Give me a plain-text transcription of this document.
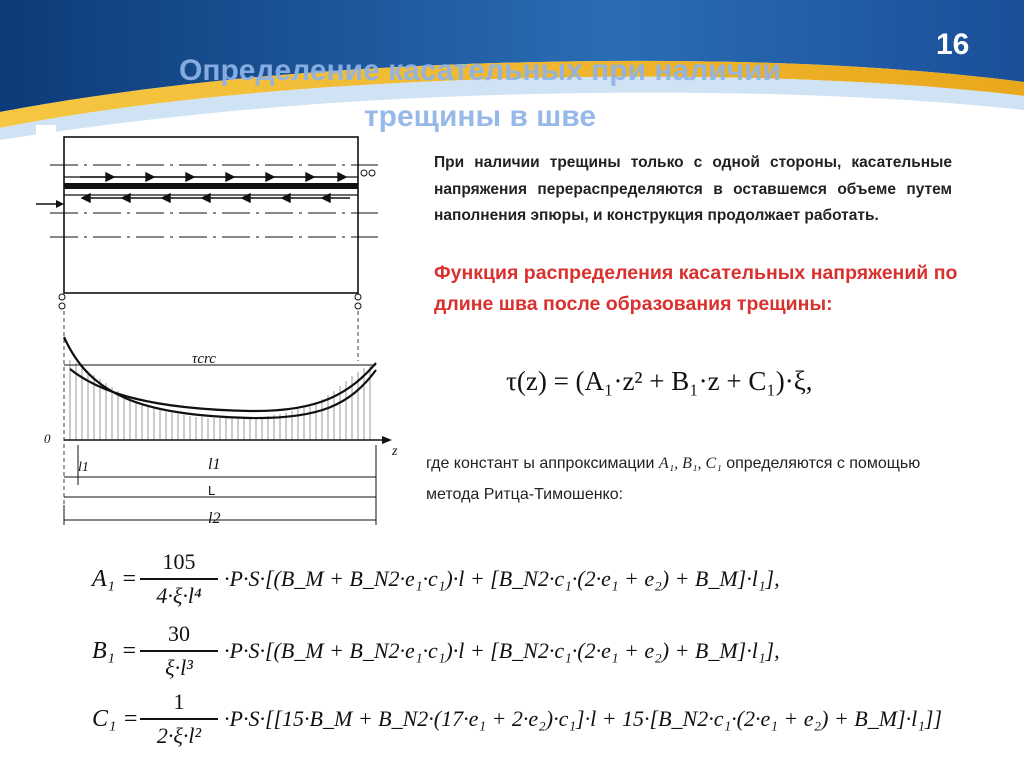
16
Определение касательных при наличии
трещины в шве
τcrc
0
z
l1	l1
L
l2
При наличии трещины только с одной стороны, касательные напряжения перераспределяются в оставшемся объеме путем наполнения эпюры, и конструкция продолжает работать.
Функция распределения касательных напряжений по длине шва после образования трещины:
τ(z) = (A₁·z² + B₁·z + C₁)·ξ,
где констант ы аппроксимации A₁, B₁, C₁ определяются с помощью метода Ритца-Тимошенко:
A₁ =
105
4·ξ·l⁴
·P·S·[(B_M + B_N2·e₁·c₁)·l + [B_N2·c₁·(2·e₁ + e₂) + B_M]·l₁],
B₁ =
30
ξ·l³
·P·S·[(B_M + B_N2·e₁·c₁)·l + [B_N2·c₁·(2·e₁ + e₂) + B_M]·l₁],
C₁ =
1
2·ξ·l²
·P·S·[[15·B_M + B_N2·(17·e₁ + 2·e₂)·c₁]·l + 15·[B_N2·c₁·(2·e₁ + e₂) + B_M]·l₁]]
